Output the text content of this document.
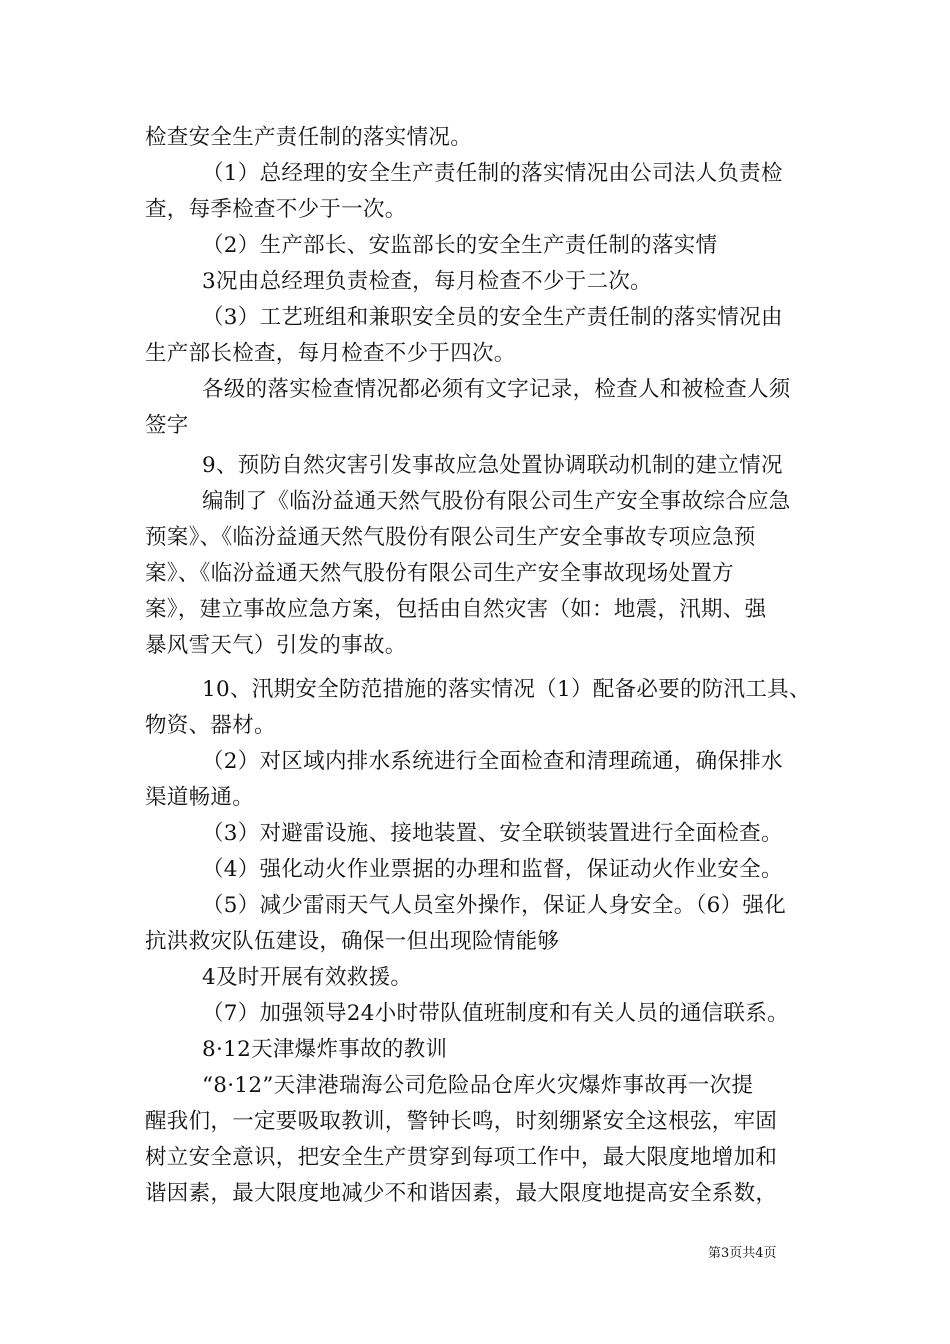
检查安全生产责任制的落实情况。
（1）总经理的安全生产责任制的落实情况由公司法人负责检
查，每季检查不少于一次。
（2）生产部长、安监部长的安全生产责任制的落实情
3况由总经理负责检查，每月检查不少于二次。
（3）工艺班组和兼职安全员的安全生产责任制的落实情况由
生产部长检查，每月检查不少于四次。
各级的落实检查情况都必须有文字记录，检查人和被检查人须
签字
9、预防自然灾害引发事故应急处置协调联动机制的建立情况
编制了《临汾益通天然气股份有限公司生产安全事故综合应急
预案》、《临汾益通天然气股份有限公司生产安全事故专项应急预
案》、《临汾益通天然气股份有限公司生产安全事故现场处置方
案》，建立事故应急方案，包括由自然灾害（如：地震，汛期、强
暴风雪天气）引发的事故。
10、汛期安全防范措施的落实情况（1）配备必要的防汛工具、
物资、器材。
（2）对区域内排水系统进行全面检查和清理疏通，确保排水
渠道畅通。
（3）对避雷设施、接地装置、安全联锁装置进行全面检查。
（4）强化动火作业票据的办理和监督，保证动火作业安全。
（5）减少雷雨天气人员室外操作，保证人身安全。（6）强化
抗洪救灾队伍建设，确保一但出现险情能够
4及时开展有效救援。
（7）加强领导24小时带队值班制度和有关人员的通信联系。
8·12天津爆炸事故的教训
“8·12”天津港瑞海公司危险品仓库火灾爆炸事故再一次提
醒我们，一定要吸取教训，警钟长鸣，时刻绷紧安全这根弦，牢固
树立安全意识，把安全生产贯穿到每项工作中，最大限度地增加和
谐因素，最大限度地减少不和谐因素，最大限度地提高安全系数，
第3页共4页
